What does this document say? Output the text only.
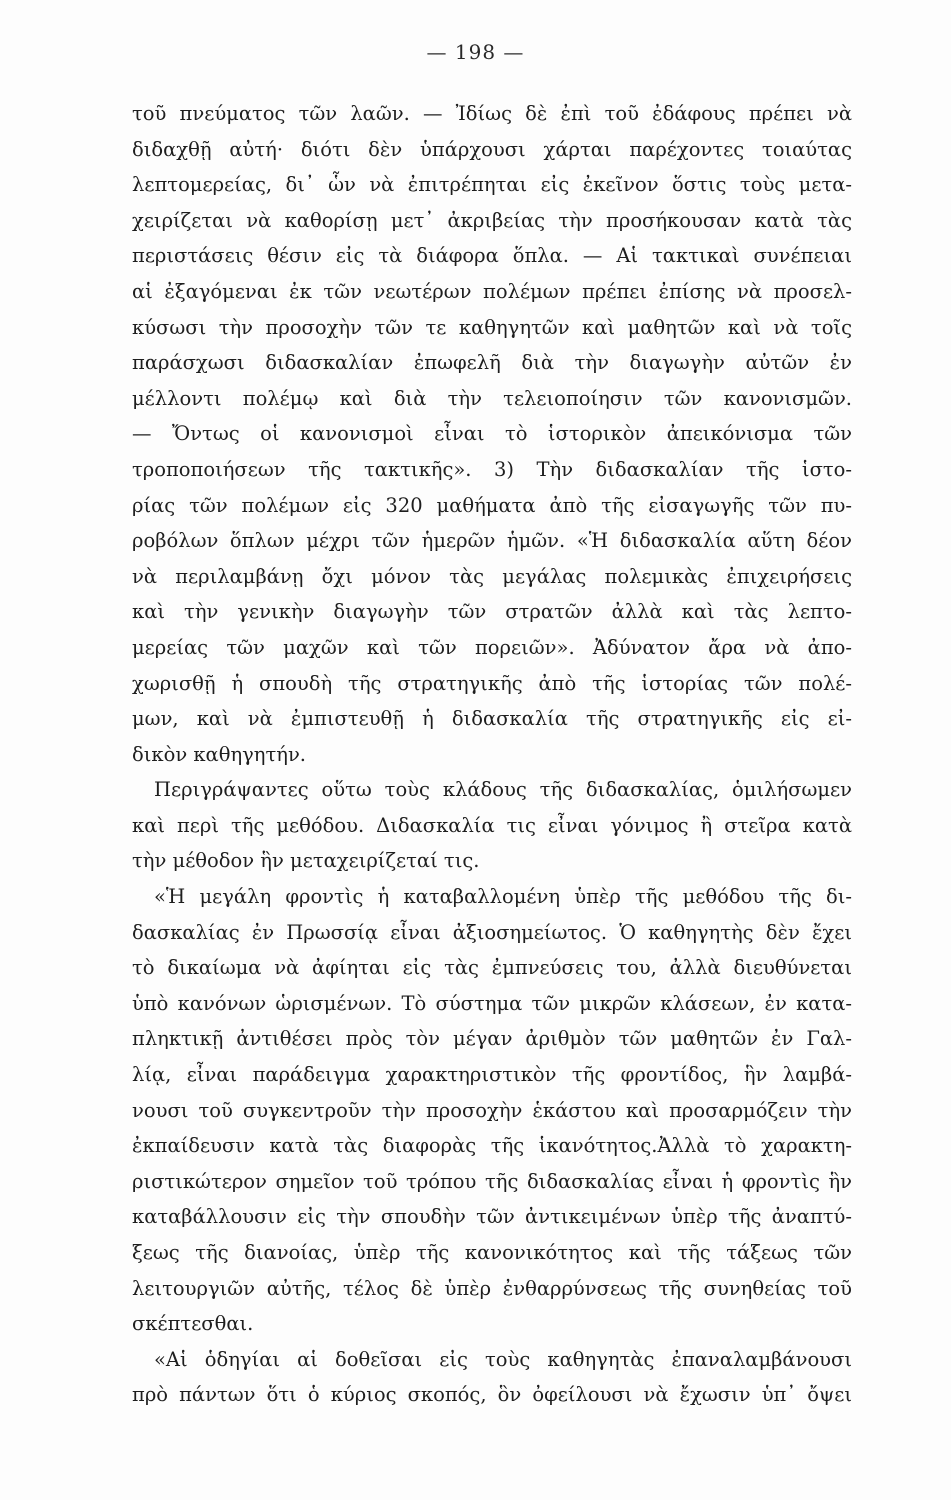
— 198 —
τοῦ πνεύματος τῶν λαῶν. — Ἰδίως δὲ ἐπὶ τοῦ ἐδάφους πρέπει νὰ
διδαχθῇ αὐτή· διότι δὲν ὑπάρχουσι χάρται παρέχοντες τοιαύτας
λεπτομερείας, δι᾽ ὧν νὰ ἐπιτρέπηται εἰς ἐκεῖνον ὅστις τοὺς μετα-
χειρίζεται νὰ καθορίσῃ μετ᾽ ἀκριβείας τὴν προσήκουσαν κατὰ τὰς
περιστάσεις θέσιν εἰς τὰ διάφορα ὅπλα. — Αἱ τακτικαὶ συνέπειαι
αἱ ἐξαγόμεναι ἐκ τῶν νεωτέρων πολέμων πρέπει ἐπίσης νὰ προσελ-
κύσωσι τὴν προσοχὴν τῶν τε καθηγητῶν καὶ μαθητῶν καὶ νὰ τοῖς
παράσχωσι διδασκαλίαν ἐπωφελῆ διὰ τὴν διαγωγὴν αὐτῶν ἐν
μέλλοντι πολέμῳ καὶ διὰ τὴν τελειοποίησιν τῶν κανονισμῶν.
— Ὄντως οἱ κανονισμοὶ εἶναι τὸ ἱστορικὸν ἀπεικόνισμα τῶν
τροποποιήσεων τῆς τακτικῆς». 3) Τὴν διδασκαλίαν τῆς ἱστο-
ρίας τῶν πολέμων εἰς 320 μαθήματα ἀπὸ τῆς εἰσαγωγῆς τῶν πυ-
ροβόλων ὅπλων μέχρι τῶν ἡμερῶν ἡμῶν. «Ἡ διδασκαλία αὕτη δέον
νὰ περιλαμβάνῃ ὄχι μόνον τὰς μεγάλας πολεμικὰς ἐπιχειρήσεις
καὶ τὴν γενικὴν διαγωγὴν τῶν στρατῶν ἀλλὰ καὶ τὰς λεπτο-
μερείας τῶν μαχῶν καὶ τῶν πορειῶν». Ἀδύνατον ἄρα νὰ ἀπο-
χωρισθῇ ἡ σπουδὴ τῆς στρατηγικῆς ἀπὸ τῆς ἱστορίας τῶν πολέ-
μων, καὶ νὰ ἐμπιστευθῇ ἡ διδασκαλία τῆς στρατηγικῆς εἰς εἰ-
δικὸν καθηγητήν.
Περιγράψαντες οὕτω τοὺς κλάδους τῆς διδασκαλίας, ὁμιλήσωμεν
καὶ περὶ τῆς μεθόδου. Διδασκαλία τις εἶναι γόνιμος ἢ στεῖρα κατὰ
τὴν μέθοδον ἣν μεταχειρίζεταί τις.
«Ἡ μεγάλη φροντὶς ἡ καταβαλλομένη ὑπὲρ τῆς μεθόδου τῆς δι-
δασκαλίας ἐν Πρωσσίᾳ εἶναι ἀξιοσημείωτος. Ὁ καθηγητὴς δὲν ἔχει
τὸ δικαίωμα νὰ ἀφίηται εἰς τὰς ἐμπνεύσεις του, ἀλλὰ διευθύνεται
ὑπὸ κανόνων ὡρισμένων. Τὸ σύστημα τῶν μικρῶν κλάσεων, ἐν κατα-
πληκτικῇ ἀντιθέσει πρὸς τὸν μέγαν ἀριθμὸν τῶν μαθητῶν ἐν Γαλ-
λίᾳ, εἶναι παράδειγμα χαρακτηριστικὸν τῆς φροντίδος, ἣν λαμβά-
νουσι τοῦ συγκεντροῦν τὴν προσοχὴν ἑκάστου καὶ προσαρμόζειν τὴν
ἐκπαίδευσιν κατὰ τὰς διαφορὰς τῆς ἱκανότητος.Ἀλλὰ τὸ χαρακτη-
ριστικώτερον σημεῖον τοῦ τρόπου τῆς διδασκαλίας εἶναι ἡ φροντὶς ἣν
καταβάλλουσιν εἰς τὴν σπουδὴν τῶν ἀντικειμένων ὑπὲρ τῆς ἀναπτύ-
ξεως τῆς διανοίας, ὑπὲρ τῆς κανονικότητος καὶ τῆς τάξεως τῶν
λειτουργιῶν αὐτῆς, τέλος δὲ ὑπὲρ ἐνθαρρύνσεως τῆς συνηθείας τοῦ
σκέπτεσθαι.
«Αἱ ὁδηγίαι αἱ δοθεῖσαι εἰς τοὺς καθηγητὰς ἐπαναλαμβάνουσι
πρὸ πάντων ὅτι ὁ κύριος σκοπός, ὃν ὀφείλουσι νὰ ἔχωσιν ὑπ᾽ ὄψει
